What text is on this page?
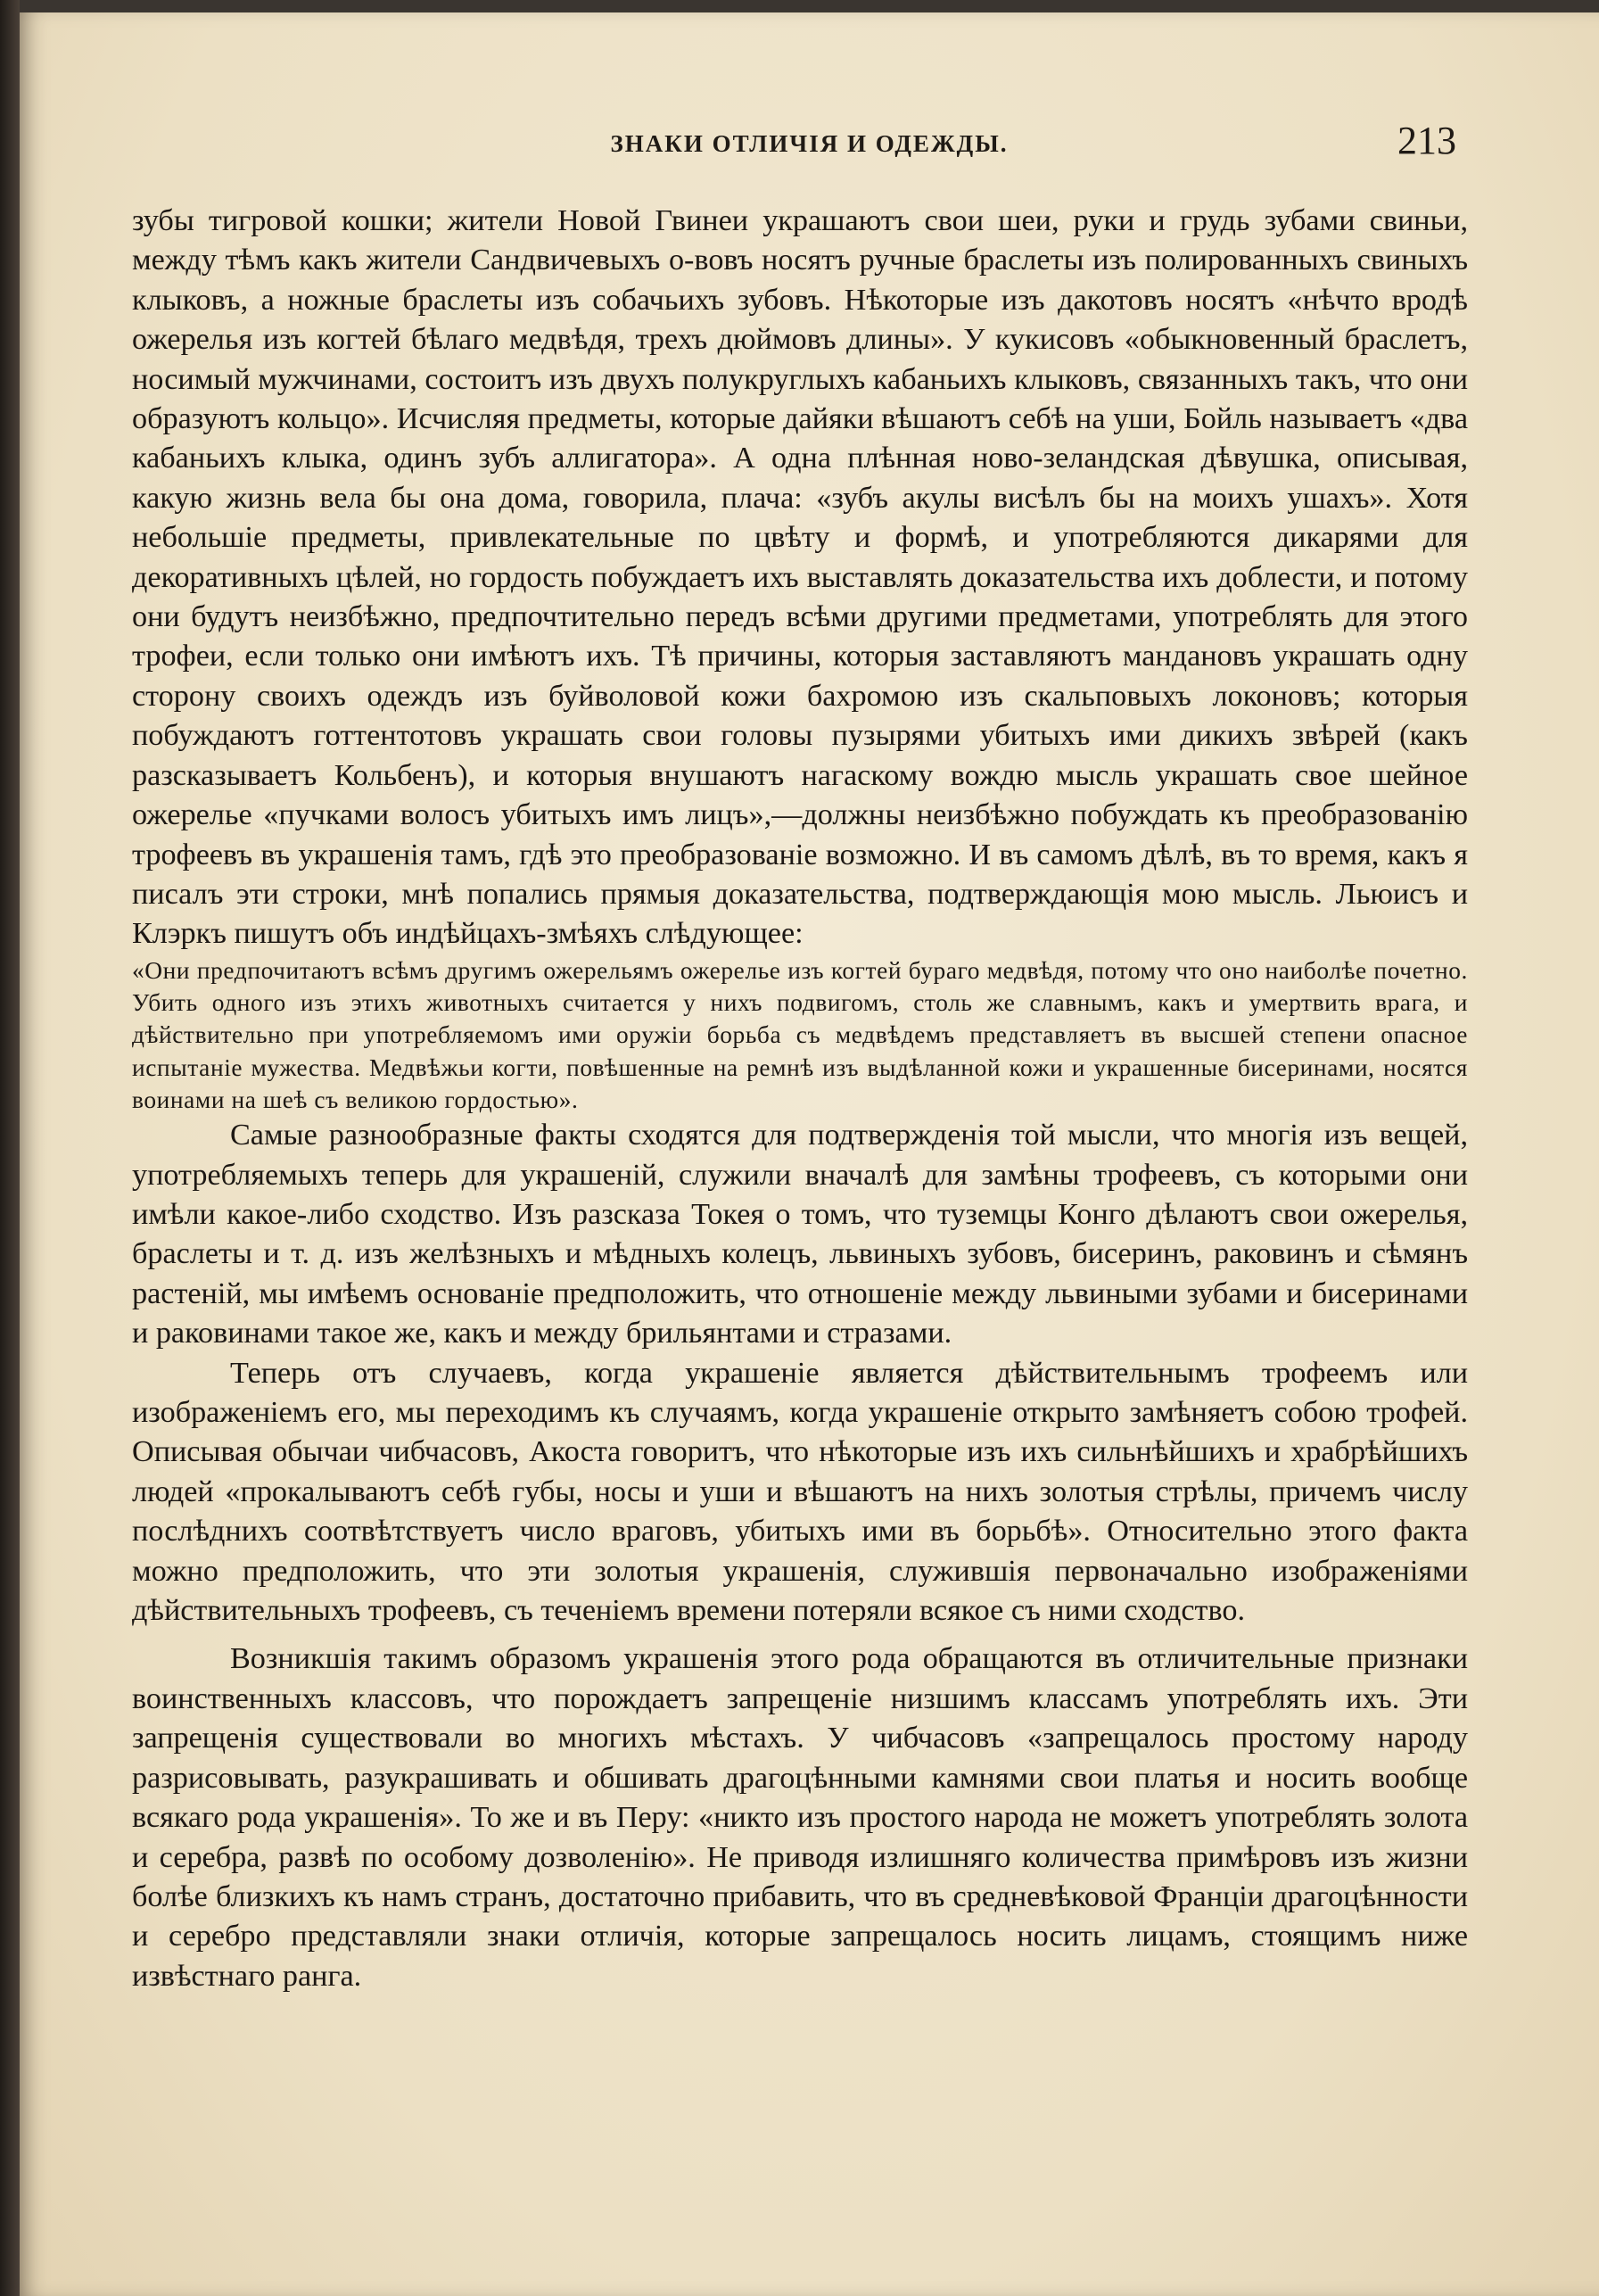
ЗНАКИ ОТЛИЧІЯ И ОДЕЖДЫ.	213

зубы тигровой кошки; жители Новой Гвинеи украшаютъ свои шеи, руки и грудь зубами свиньи, между тѣмъ какъ жители Сандвичевыхъ о-вовъ носятъ ручные браслеты изъ полированныхъ свиныхъ клыковъ, а ножные браслеты изъ собачьихъ зубовъ. Нѣкоторые изъ дакотовъ носятъ «нѣчто вродѣ ожерелья изъ когтей бѣлаго медвѣдя, трехъ дюймовъ длины». У кукисовъ «обыкновенный браслетъ, носимый мужчинами, состоитъ изъ двухъ полукруглыхъ кабаньихъ клыковъ, связанныхъ такъ, что они образуютъ кольцо». Исчисляя предметы, которые дайяки вѣшаютъ себѣ на уши, Бойль называетъ «два кабаньихъ клыка, одинъ зубъ аллигатора». А одна плѣнная ново-зеландская дѣвушка, описывая, какую жизнь вела бы она дома, говорила, плача: «зубъ акулы висѣлъ бы на моихъ ушахъ». Хотя небольшіе предметы, привлекательные по цвѣту и формѣ, и употребляются дикарями для декоративныхъ цѣлей, но гордость побуждаетъ ихъ выставлять доказательства ихъ доблести, и потому они будутъ неизбѣжно, предпочтительно передъ всѣми другими предметами, употреблять для этого трофеи, если только они имѣютъ ихъ. Тѣ причины, которыя заставляютъ манданoвъ украшать одну сторону своихъ одеждъ изъ буйволовой кожи бахромою изъ скальповыхъ локоновъ; которыя побуждаютъ готтентотовъ украшать свои головы пузырями убитыхъ ими дикихъ звѣрей (какъ разсказываетъ Кольбенъ), и которыя внушаютъ нагаскому вождю мысль украшать свое шейное ожерелье «пучками волосъ убитыхъ имъ лицъ»,—должны неизбѣжно побуждать къ преобразованію трофеевъ въ украшенія тамъ, гдѣ это преобразованіе возможно. И въ самомъ дѣлѣ, въ то время, какъ я писалъ эти строки, мнѣ попались прямыя доказательства, подтверждающія мою мысль. Льюисъ и Клэркъ пишутъ объ индѣйцахъ-змѣяхъ слѣдующее:

«Они предпочитаютъ всѣмъ другимъ ожерельямъ ожерелье изъ когтей бураго медвѣдя, потому что оно наиболѣе почетно. Убить одного изъ этихъ животныхъ считается у нихъ подвигомъ, столь же славнымъ, какъ и умертвить врага, и дѣйствительно при употребляемомъ ими оружіи борьба съ медвѣдемъ представляетъ въ высшей степени опасное испытаніе мужества. Медвѣжьи когти, повѣшенные на ремнѣ изъ выдѣланной кожи и украшенные бисеринами, носятся воинами на шеѣ съ великою гордостью».

Самые разнообразные факты сходятся для подтвержденія той мысли, что многія изъ вещей, употребляемыхъ теперь для украшеній, служили вначалѣ для замѣны трофеевъ, съ которыми они имѣли какое-либо сходство. Изъ разсказа Токея о томъ, что туземцы Конго дѣлаютъ свои ожерелья, браслеты и т. д. изъ желѣзныхъ и мѣдныхъ колецъ, львиныхъ зубовъ, бисеринъ, раковинъ и сѣмянъ растеній, мы имѣемъ основаніе предположить, что отношеніе между львиными зубами и бисеринами и раковинами такое же, какъ и между брильянтами и стразами.

Теперь отъ случаевъ, когда украшеніе является дѣйствительнымъ трофеемъ или изображеніемъ его, мы переходимъ къ случаямъ, когда украшеніе открыто замѣняетъ собою трофей. Описывая обычаи чибчасовъ, Акоста говоритъ, что нѣкоторые изъ ихъ сильнѣйшихъ и храбрѣйшихъ людей «прокалываютъ себѣ губы, носы и уши и вѣшаютъ на нихъ золотыя стрѣлы, причемъ числу послѣднихъ соотвѣтствуетъ число враговъ, убитыхъ ими въ борьбѣ». Относительно этого факта можно предположить, что эти золотыя украшенія, служившія первоначально изображеніями дѣйствительныхъ трофеевъ, съ теченіемъ времени потеряли всякое съ ними сходство.

Возникшія такимъ образомъ украшенія этого рода обращаются въ отличительные признаки воинственныхъ классовъ, что порождаетъ запрещеніе низшимъ классамъ употреблять ихъ. Эти запрещенія существовали во многихъ мѣстахъ. У чибчасовъ «запрещалось простому народу разрисовывать, разукрашивать и обшивать драгоцѣнными камнями свои платья и носить вообще всякаго рода украшенія». То же и въ Перу: «никто изъ простого народа не можетъ употреблять золота и серебра, развѣ по особому дозволенію». Не приводя излишняго количества примѣровъ изъ жизни болѣе близкихъ къ намъ странъ, достаточно прибавить, что въ средневѣковой Франціи драгоцѣнности и серебро представляли знаки отличія, которые запрещалось носить лицамъ, стоящимъ ниже извѣстнаго ранга.
